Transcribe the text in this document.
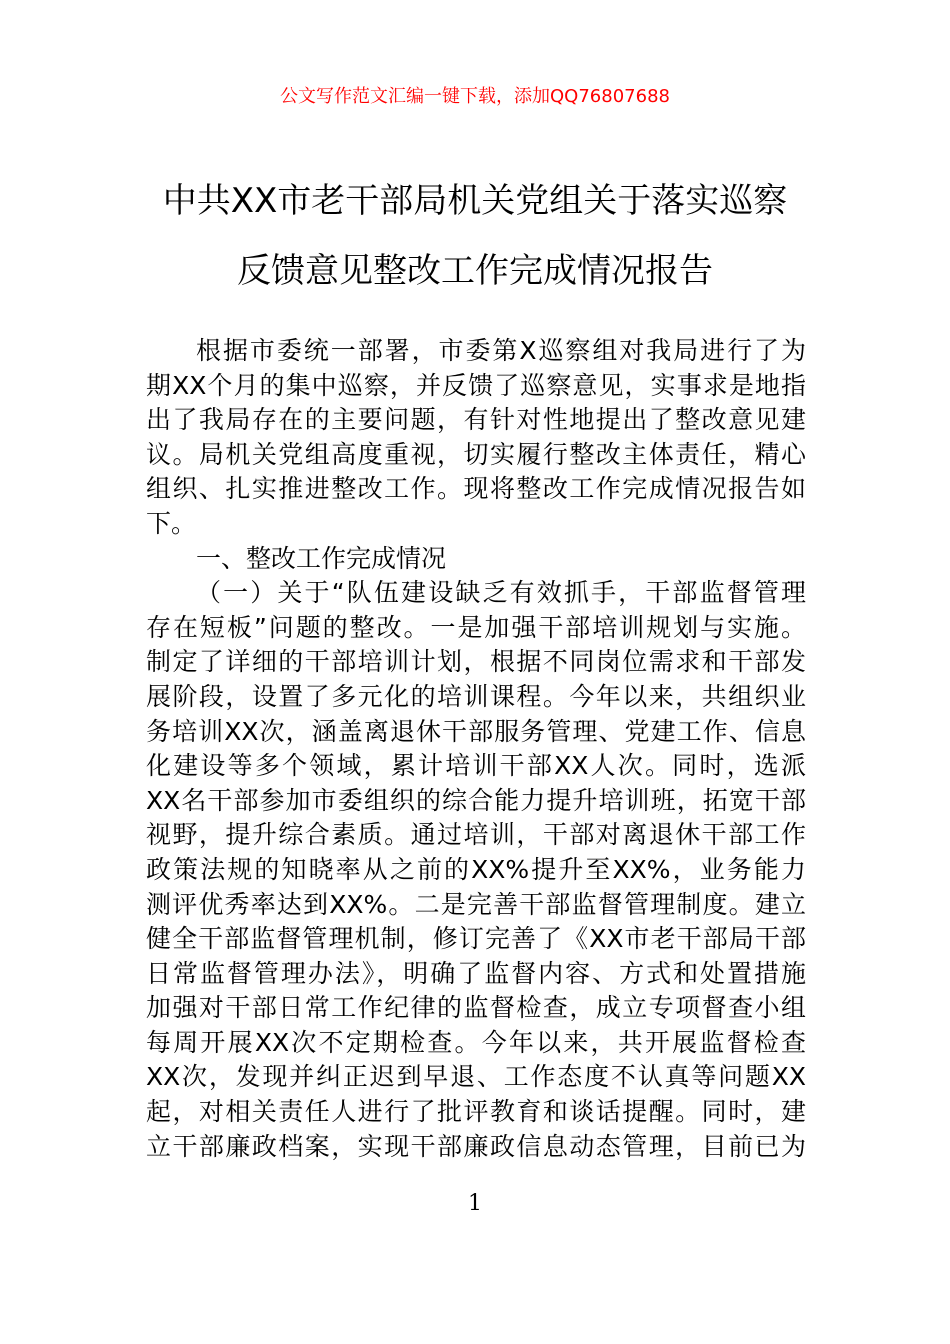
公文写作范文汇编一键下载，添加QQ76807688
中共XX市老干部局机关党组关于落实巡察
反馈意见整改工作完成情况报告
根据市委统一部署，市委第X巡察组对我局进行了为
期XX个月的集中巡察，并反馈了巡察意见，实事求是地指
出了我局存在的主要问题，有针对性地提出了整改意见建
议。局机关党组高度重视，切实履行整改主体责任，精心
组织、扎实推进整改工作。现将整改工作完成情况报告如
下。
一、整改工作完成情况
（一）关于“队伍建设缺乏有效抓手，干部监督管理
存在短板”问题的整改。一是加强干部培训规划与实施。
制定了详细的干部培训计划，根据不同岗位需求和干部发
展阶段，设置了多元化的培训课程。今年以来，共组织业
务培训XX次，涵盖离退休干部服务管理、党建工作、信息
化建设等多个领域，累计培训干部XX人次。同时，选派
XX名干部参加市委组织的综合能力提升培训班，拓宽干部
视野，提升综合素质。通过培训，干部对离退休干部工作
政策法规的知晓率从之前的XX%提升至XX%，业务能力
测评优秀率达到XX%。二是完善干部监督管理制度。建立
健全干部监督管理机制，修订完善了《XX市老干部局干部
日常监督管理办法》，明确了监督内容、方式和处置措施
加强对干部日常工作纪律的监督检查，成立专项督查小组
每周开展XX次不定期检查。今年以来，共开展监督检查
XX次，发现并纠正迟到早退、工作态度不认真等问题XX
起，对相关责任人进行了批评教育和谈话提醒。同时，建
立干部廉政档案，实现干部廉政信息动态管理，目前已为
1
